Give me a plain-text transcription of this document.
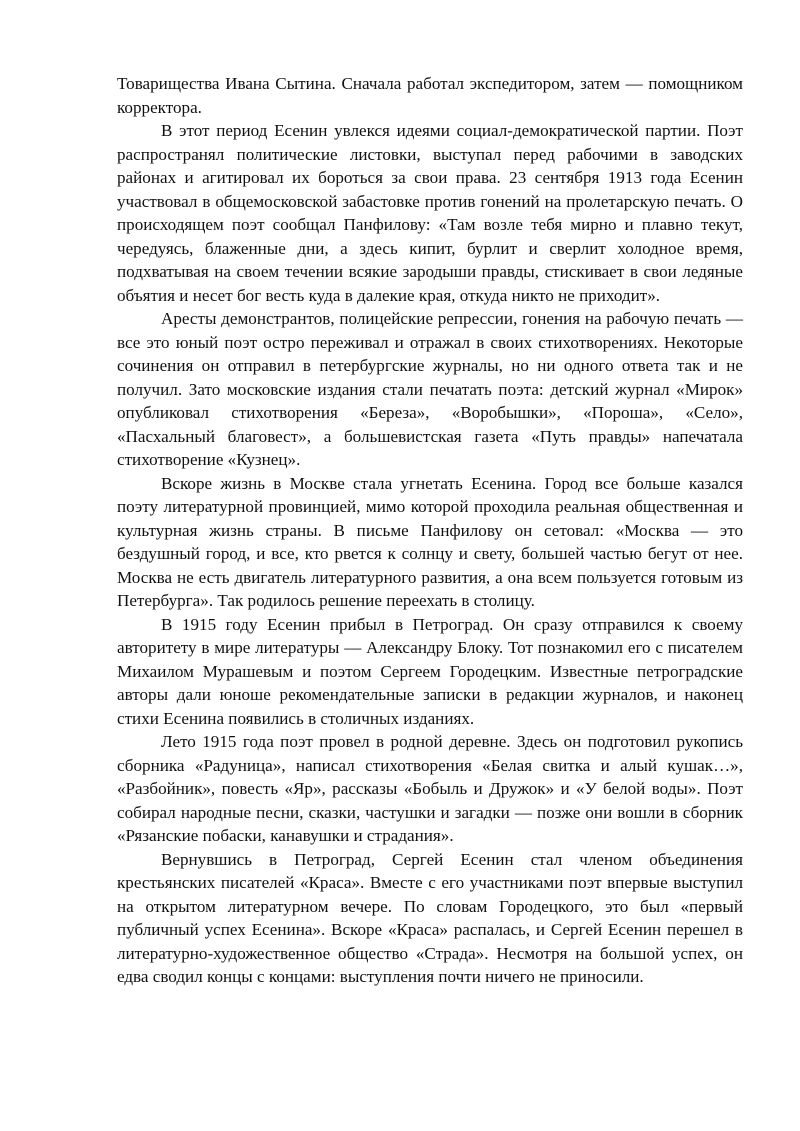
Товарищества Ивана Сытина. Сначала работал экспедитором, затем — помощником корректора.

В этот период Есенин увлекся идеями социал-демократической партии. Поэт распространял политические листовки, выступал перед рабочими в заводских районах и агитировал их бороться за свои права. 23 сентября 1913 года Есенин участвовал в общемосковской забастовке против гонений на пролетарскую печать. О происходящем поэт сообщал Панфилову: «Там возле тебя мирно и плавно текут, чередуясь, блаженные дни, а здесь кипит, бурлит и сверлит холодное время, подхватывая на своем течении всякие зародыши правды, стискивает в свои ледяные объятия и несет бог весть куда в далекие края, откуда никто не приходит».

Аресты демонстрантов, полицейские репрессии, гонения на рабочую печать — все это юный поэт остро переживал и отражал в своих стихотворениях. Некоторые сочинения он отправил в петербургские журналы, но ни одного ответа так и не получил. Зато московские издания стали печатать поэта: детский журнал «Мирок» опубликовал стихотворения «Береза», «Воробышки», «Пороша», «Село», «Пасхальный благовест», а большевистская газета «Путь правды» напечатала стихотворение «Кузнец».

Вскоре жизнь в Москве стала угнетать Есенина. Город все больше казался поэту литературной провинцией, мимо которой проходила реальная общественная и культурная жизнь страны. В письме Панфилову он сетовал: «Москва — это бездушный город, и все, кто рвется к солнцу и свету, большей частью бегут от нее. Москва не есть двигатель литературного развития, а она всем пользуется готовым из Петербурга». Так родилось решение переехать в столицу.

В 1915 году Есенин прибыл в Петроград. Он сразу отправился к своему авторитету в мире литературы — Александру Блоку. Тот познакомил его с писателем Михаилом Мурашевым и поэтом Сергеем Городецким. Известные петроградские авторы дали юноше рекомендательные записки в редакции журналов, и наконец стихи Есенина появились в столичных изданиях.

Лето 1915 года поэт провел в родной деревне. Здесь он подготовил рукопись сборника «Радуница», написал стихотворения «Белая свитка и алый кушак…», «Разбойник», повесть «Яр», рассказы «Бобыль и Дружок» и «У белой воды». Поэт собирал народные песни, сказки, частушки и загадки — позже они вошли в сборник «Рязанские побаски, канавушки и страдания».

Вернувшись в Петроград, Сергей Есенин стал членом объединения крестьянских писателей «Краса». Вместе с его участниками поэт впервые выступил на открытом литературном вечере. По словам Городецкого, это был «первый публичный успех Есенина». Вскоре «Краса» распалась, и Сергей Есенин перешел в литературно-художественное общество «Страда». Несмотря на большой успех, он едва сводил концы с концами: выступления почти ничего не приносили.
